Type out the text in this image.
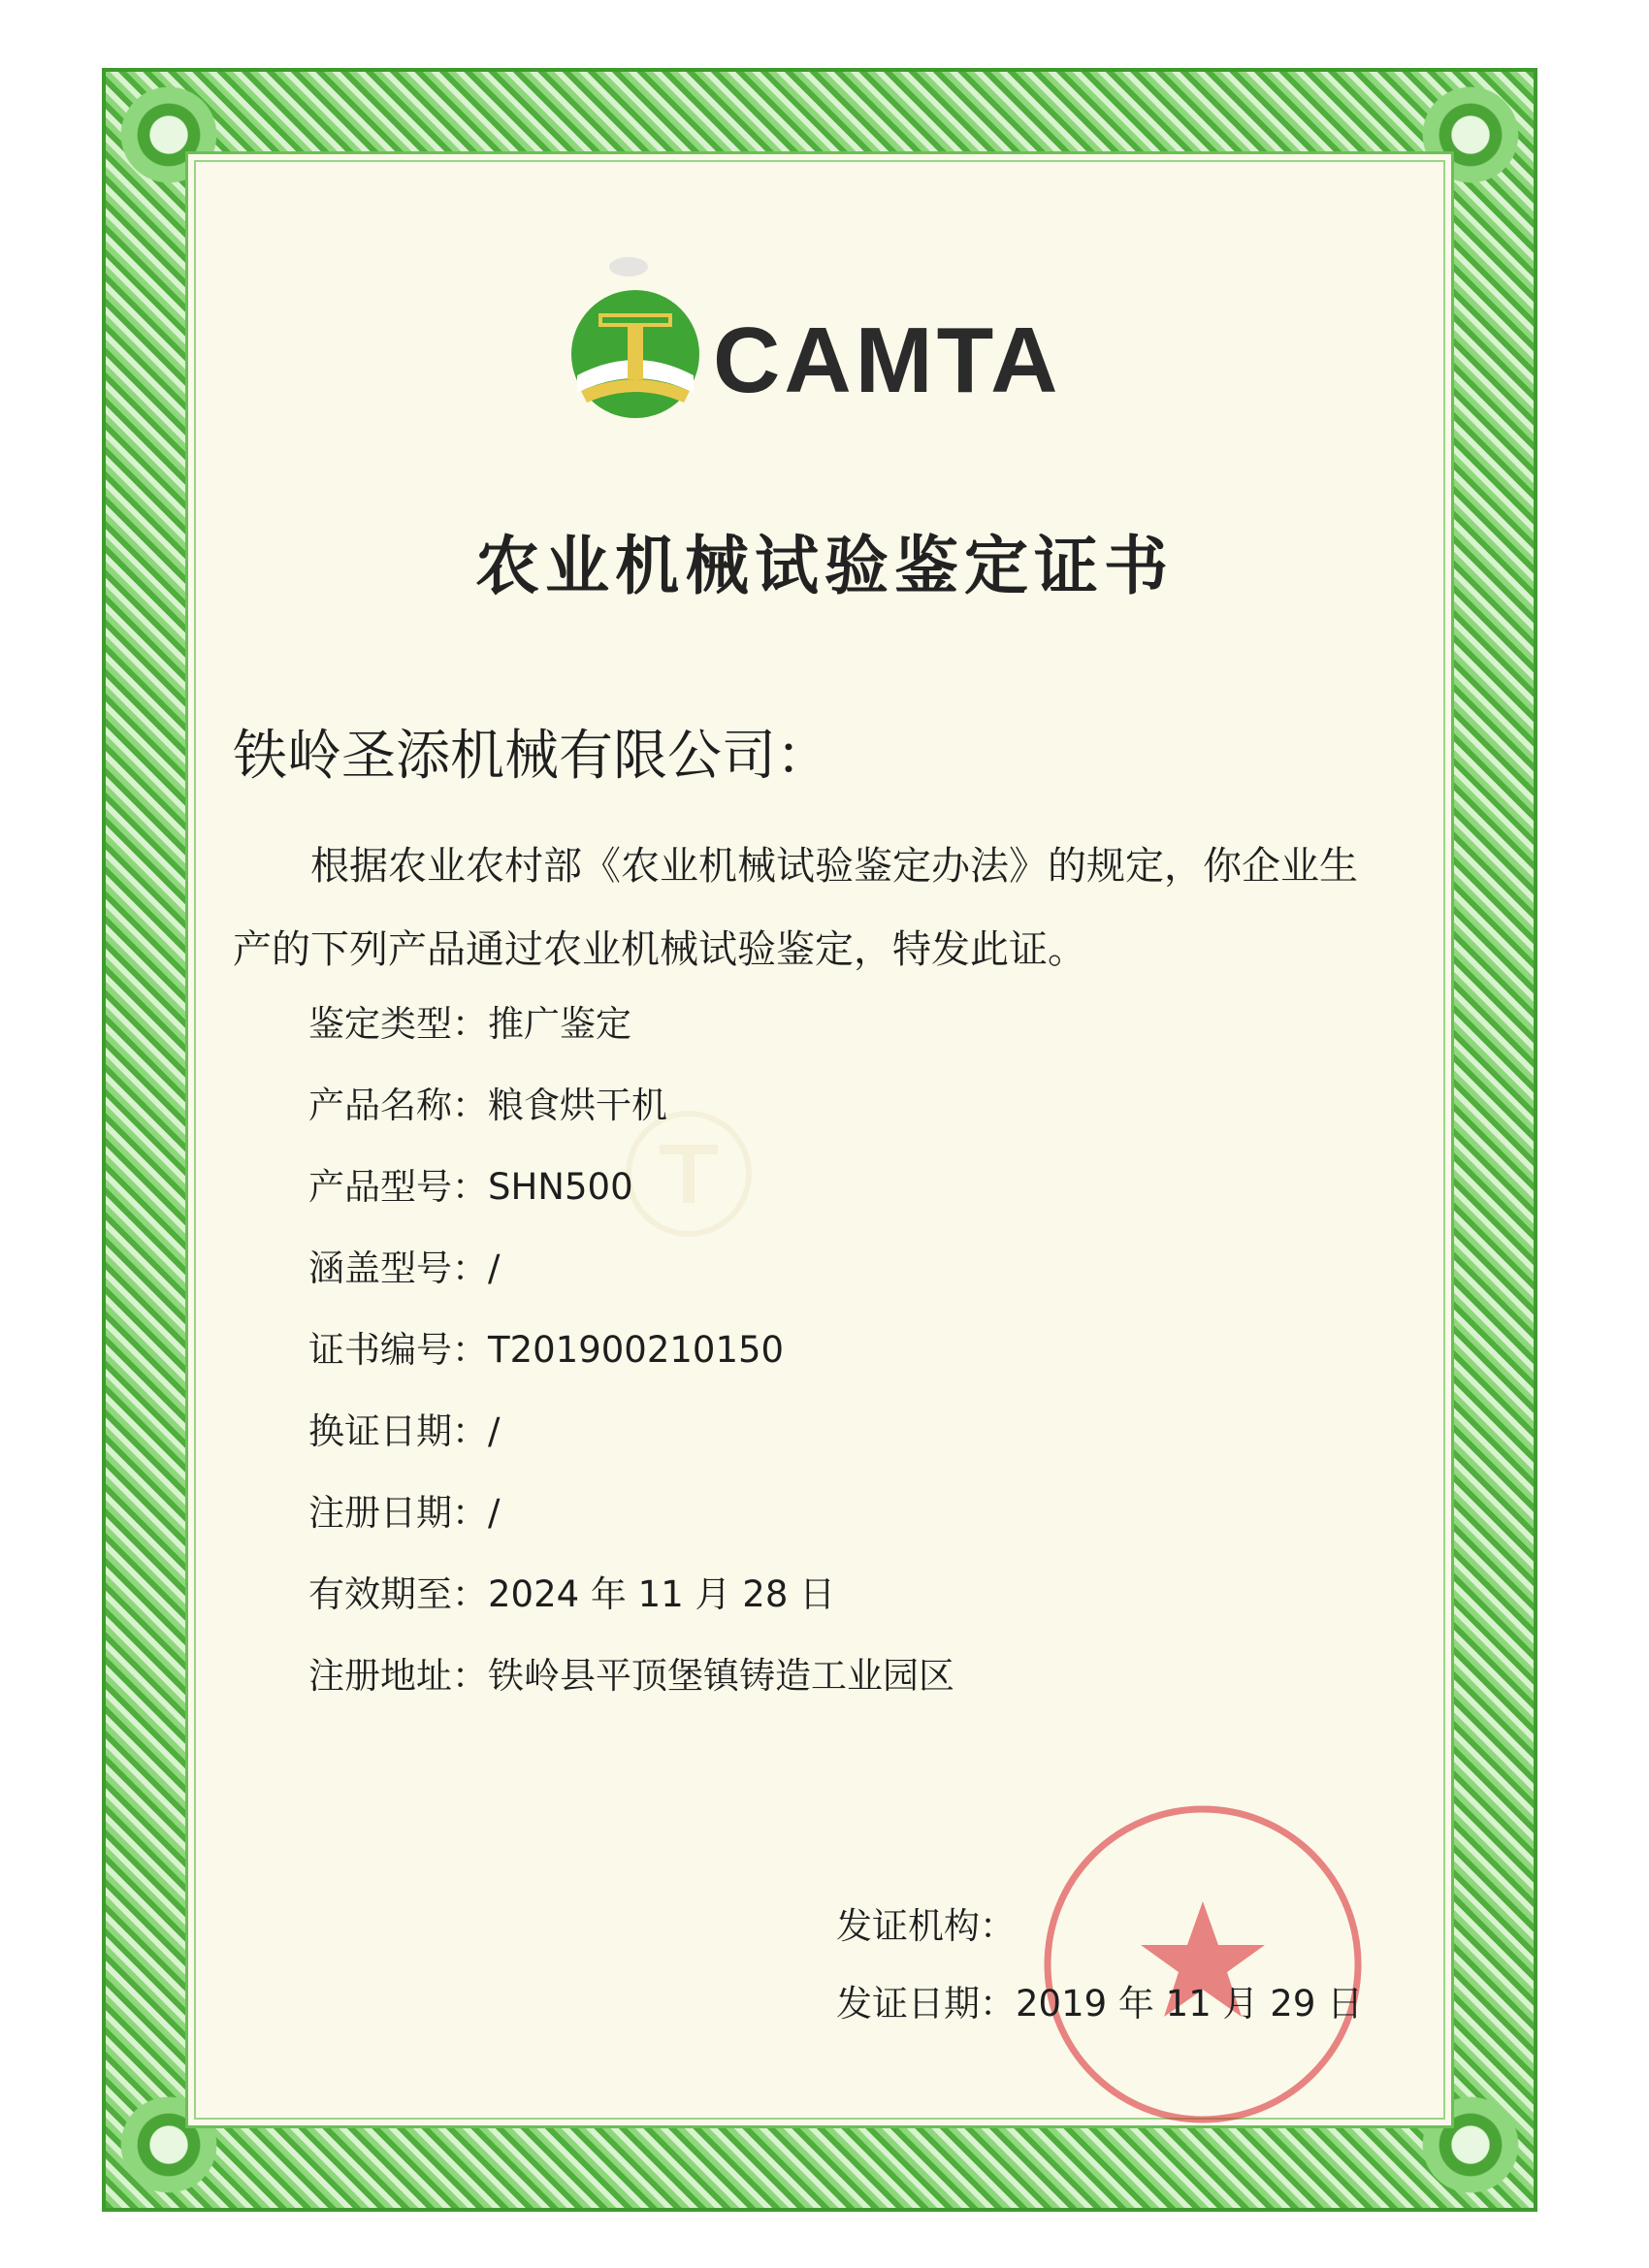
CAMTA
农业机械试验鉴定证书
铁岭圣添机械有限公司：
根据农业农村部《农业机械试验鉴定办法》的规定，你企业生产的下列产品通过农业机械试验鉴定，特发此证。
鉴定类型：推广鉴定
产品名称：粮食烘干机
产品型号：SHN500
涵盖型号：/
证书编号：T201900210150
换证日期：/
注册日期：/
有效期至：2024 年 11 月 28 日
注册地址：铁岭县平顶堡镇铸造工业园区
发证机构：
发证日期：2019 年 11 月 29 日
